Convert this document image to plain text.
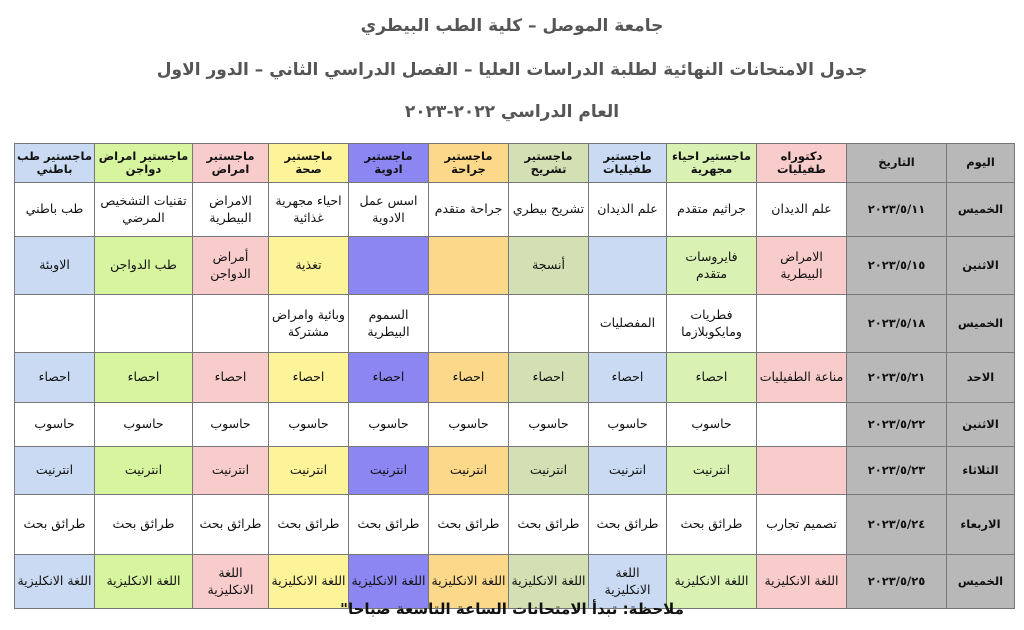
جامعة الموصل – كلية الطب البيطري
جدول الامتحانات النهائية لطلبة الدراسات العليا – الفصل الدراسي الثاني – الدور الاول
العام الدراسي ٢٠٢٢-٢٠٢٣
اليوم	التاريخ	دكتوراه طفيليات	ماجستير احياء مجهرية	ماجستير طفيليات	ماجستير تشريح	ماجستير جراحة	ماجستير ادوية	ماجستير صحة	ماجستير امراض	ماجستير امراض دواجن	ماجستير طب باطني
الخميس	٢٠٢٣/٥/١١	علم الديدان	جراثيم متقدم	علم الديدان	تشريح بيطري	جراحة متقدم	اسس عمل الادوية	احياء مجهرية غذائية	الامراض البيطرية	تقنيات التشخيص المرضي	طب باطني
الاثنين	٢٠٢٣/٥/١٥	الامراض البيطرية	فايروسات متقدم		أنسجة			تغذية	أمراض الدواجن	طب الدواجن	الاوبئة
الخميس	٢٠٢٣/٥/١٨		فطريات ومايكوبلازما	المفصليات			السموم البيطرية	وبائية وامراض مشتركة			
الاحد	٢٠٢٣/٥/٢١	مناعة الطفيليات	احصاء	احصاء	احصاء	احصاء	احصاء	احصاء	احصاء	احصاء	احصاء
الاثنين	٢٠٢٣/٥/٢٢		حاسوب	حاسوب	حاسوب	حاسوب	حاسوب	حاسوب	حاسوب	حاسوب	حاسوب
الثلاثاء	٢٠٢٣/٥/٢٣		انترنيت	انترنيت	انترنيت	انترنيت	انترنيت	انترنيت	انترنيت	انترنيت	انترنيت
الاربعاء	٢٠٢٣/٥/٢٤	تصميم تجارب	طرائق بحث	طرائق بحث	طرائق بحث	طرائق بحث	طرائق بحث	طرائق بحث	طرائق بحث	طرائق بحث	طرائق بحث
الخميس	٢٠٢٣/٥/٢٥	اللغة الانكليزية	اللغة الانكليزية	اللغة الانكليزية	اللغة الانكليزية	اللغة الانكليزية	اللغة الانكليزية	اللغة الانكليزية	اللغة الانكليزية	اللغة الانكليزية	اللغة الانكليزية
ملاحظة: تبدأ الامتحانات الساعة التاسعة صباحا"
